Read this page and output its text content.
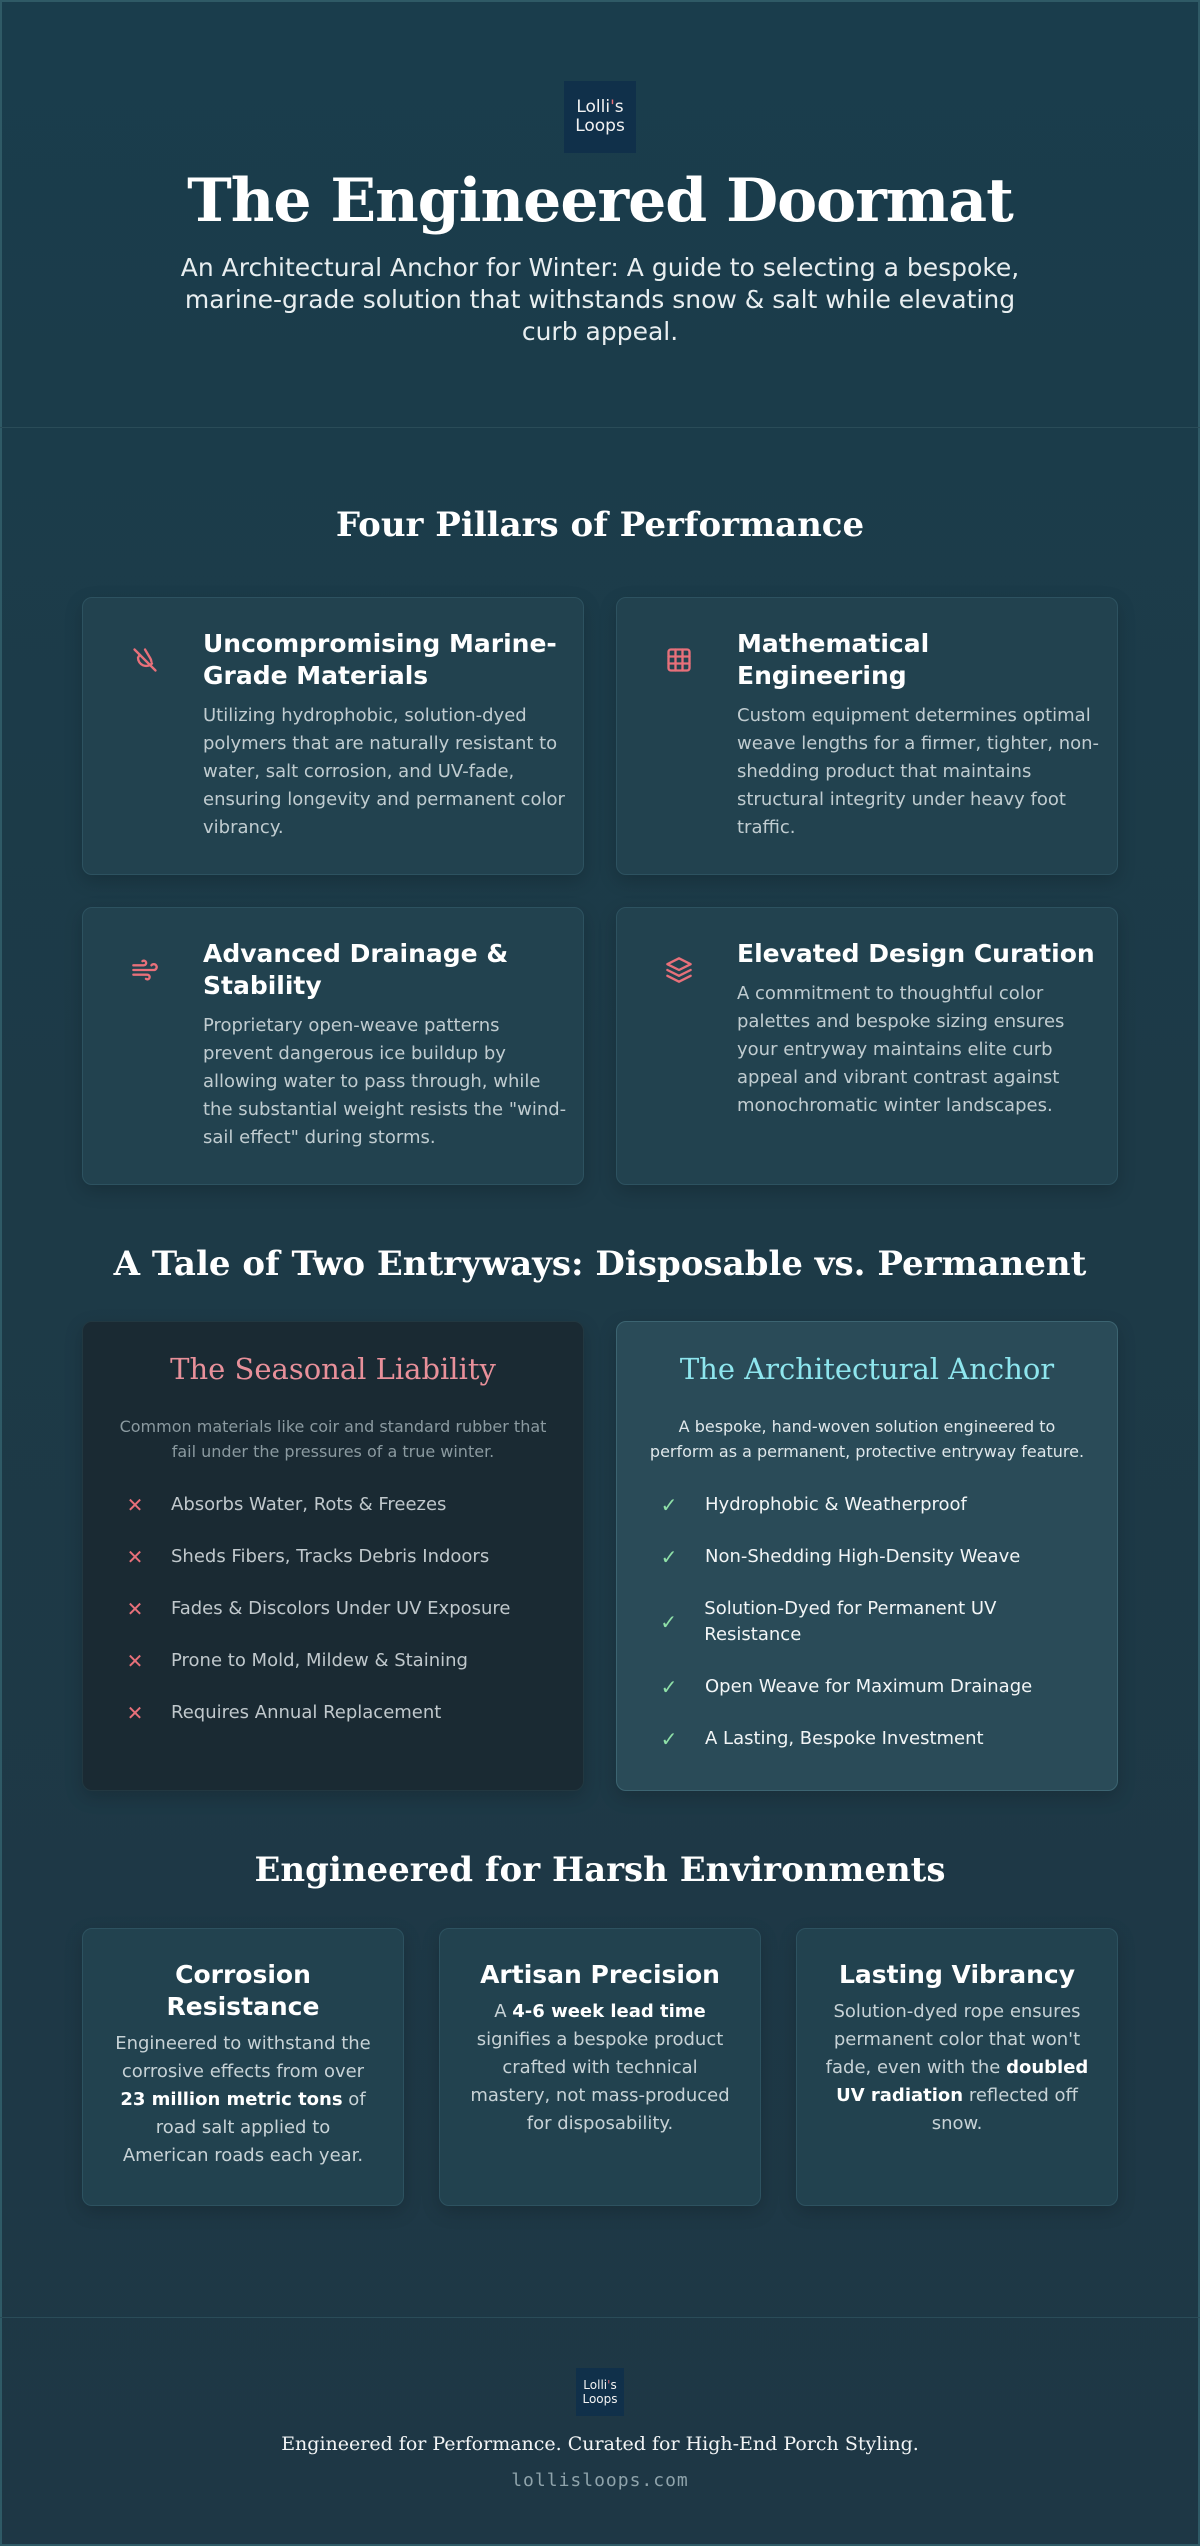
Lolli's
Loops
The Engineered Doormat

An Architectural Anchor for Winter: A guide to selecting a bespoke, marine-grade solution that withstands snow & salt while elevating curb appeal.

Four Pillars of Performance
Uncompromising Marine-Grade Materials
Utilizing hydrophobic, solution-dyed polymers that are naturally resistant to water, salt corrosion, and UV-fade, ensuring longevity and permanent color vibrancy.
Mathematical Engineering
Custom equipment determines optimal weave lengths for a firmer, tighter, non-shedding product that maintains structural integrity under heavy foot traffic.
Advanced Drainage & Stability
Proprietary open-weave patterns prevent dangerous ice buildup by allowing water to pass through, while the substantial weight resists the "wind-sail effect" during storms.
Elevated Design Curation
A commitment to thoughtful color palettes and bespoke sizing ensures your entryway maintains elite curb appeal and vibrant contrast against monochromatic winter landscapes.
A Tale of Two Entryways: Disposable vs. Permanent
The Seasonal Liability
Common materials like coir and standard rubber that fail under the pressures of a true winter.
✕ Absorbs Water, Rots & Freezes
✕ Sheds Fibers, Tracks Debris Indoors
✕ Fades & Discolors Under UV Exposure
✕ Prone to Mold, Mildew & Staining
✕ Requires Annual Replacement
The Architectural Anchor
A bespoke, hand-woven solution engineered to perform as a permanent, protective entryway feature.
✓ Hydrophobic & Weatherproof
✓ Non-Shedding High-Density Weave
✓
Solution-Dyed for Permanent UV Resistance
✓ Open Weave for Maximum Drainage
✓ A Lasting, Bespoke Investment
Engineered for Harsh Environments
Corrosion Resistance
Engineered to withstand the corrosive effects from over 23 million metric tons of road salt applied to American roads each year.
Artisan Precision
A 4-6 week lead time signifies a bespoke product crafted with technical mastery, not mass-produced for disposability.
Lasting Vibrancy
Solution-dyed rope ensures permanent color that won't fade, even with the doubled UV radiation reflected off snow.
Lolli's
Loops
Engineered for Performance. Curated for High-End Porch Styling.
lollisloops.com
